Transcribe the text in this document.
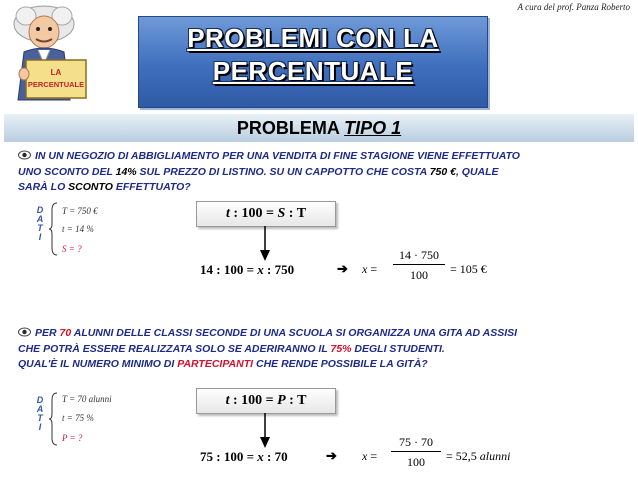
A cura del prof. Panza Roberto
LA
PERCENTUALE
PROBLEMI CON LA
PERCENTUALE
PROBLEMA TIPO 1
IN UN NEGOZIO DI ABBIGLIAMENTO PER UNA VENDITA DI FINE STAGIONE VIENE EFFETTUATO
UNO SCONTO DEL 14% SUL PREZZO DI LISTINO. SU UN CAPPOTTO CHE COSTA 750 €, QUALE
SARÀ LO SCONTO EFFETTUATO?
D
A
T
I
T = 750 €
t = 14 %
S = ?
t : 100 = S : T
14 : 100 = x : 750	➔ x =
14 · 750
100	= 105 €
PER 70 ALUNNI DELLE CLASSI SECONDE DI UNA SCUOLA SI ORGANIZZA UNA GITA AD ASSISI
CHE POTRÀ ESSERE REALIZZATA SOLO SE ADERIRANNO IL 75% DEGLI STUDENTI.
QUAL'È IL NUMERO MINIMO DI PARTECIPANTI CHE RENDE POSSIBILE LA GITÀ?
D
A
T
I
T = 70 alunni
t = 75 %
P = ?
t : 100 = P : T
75 : 100 = x : 70	➔ x =
75 · 70
100	= 52,5 alunni
